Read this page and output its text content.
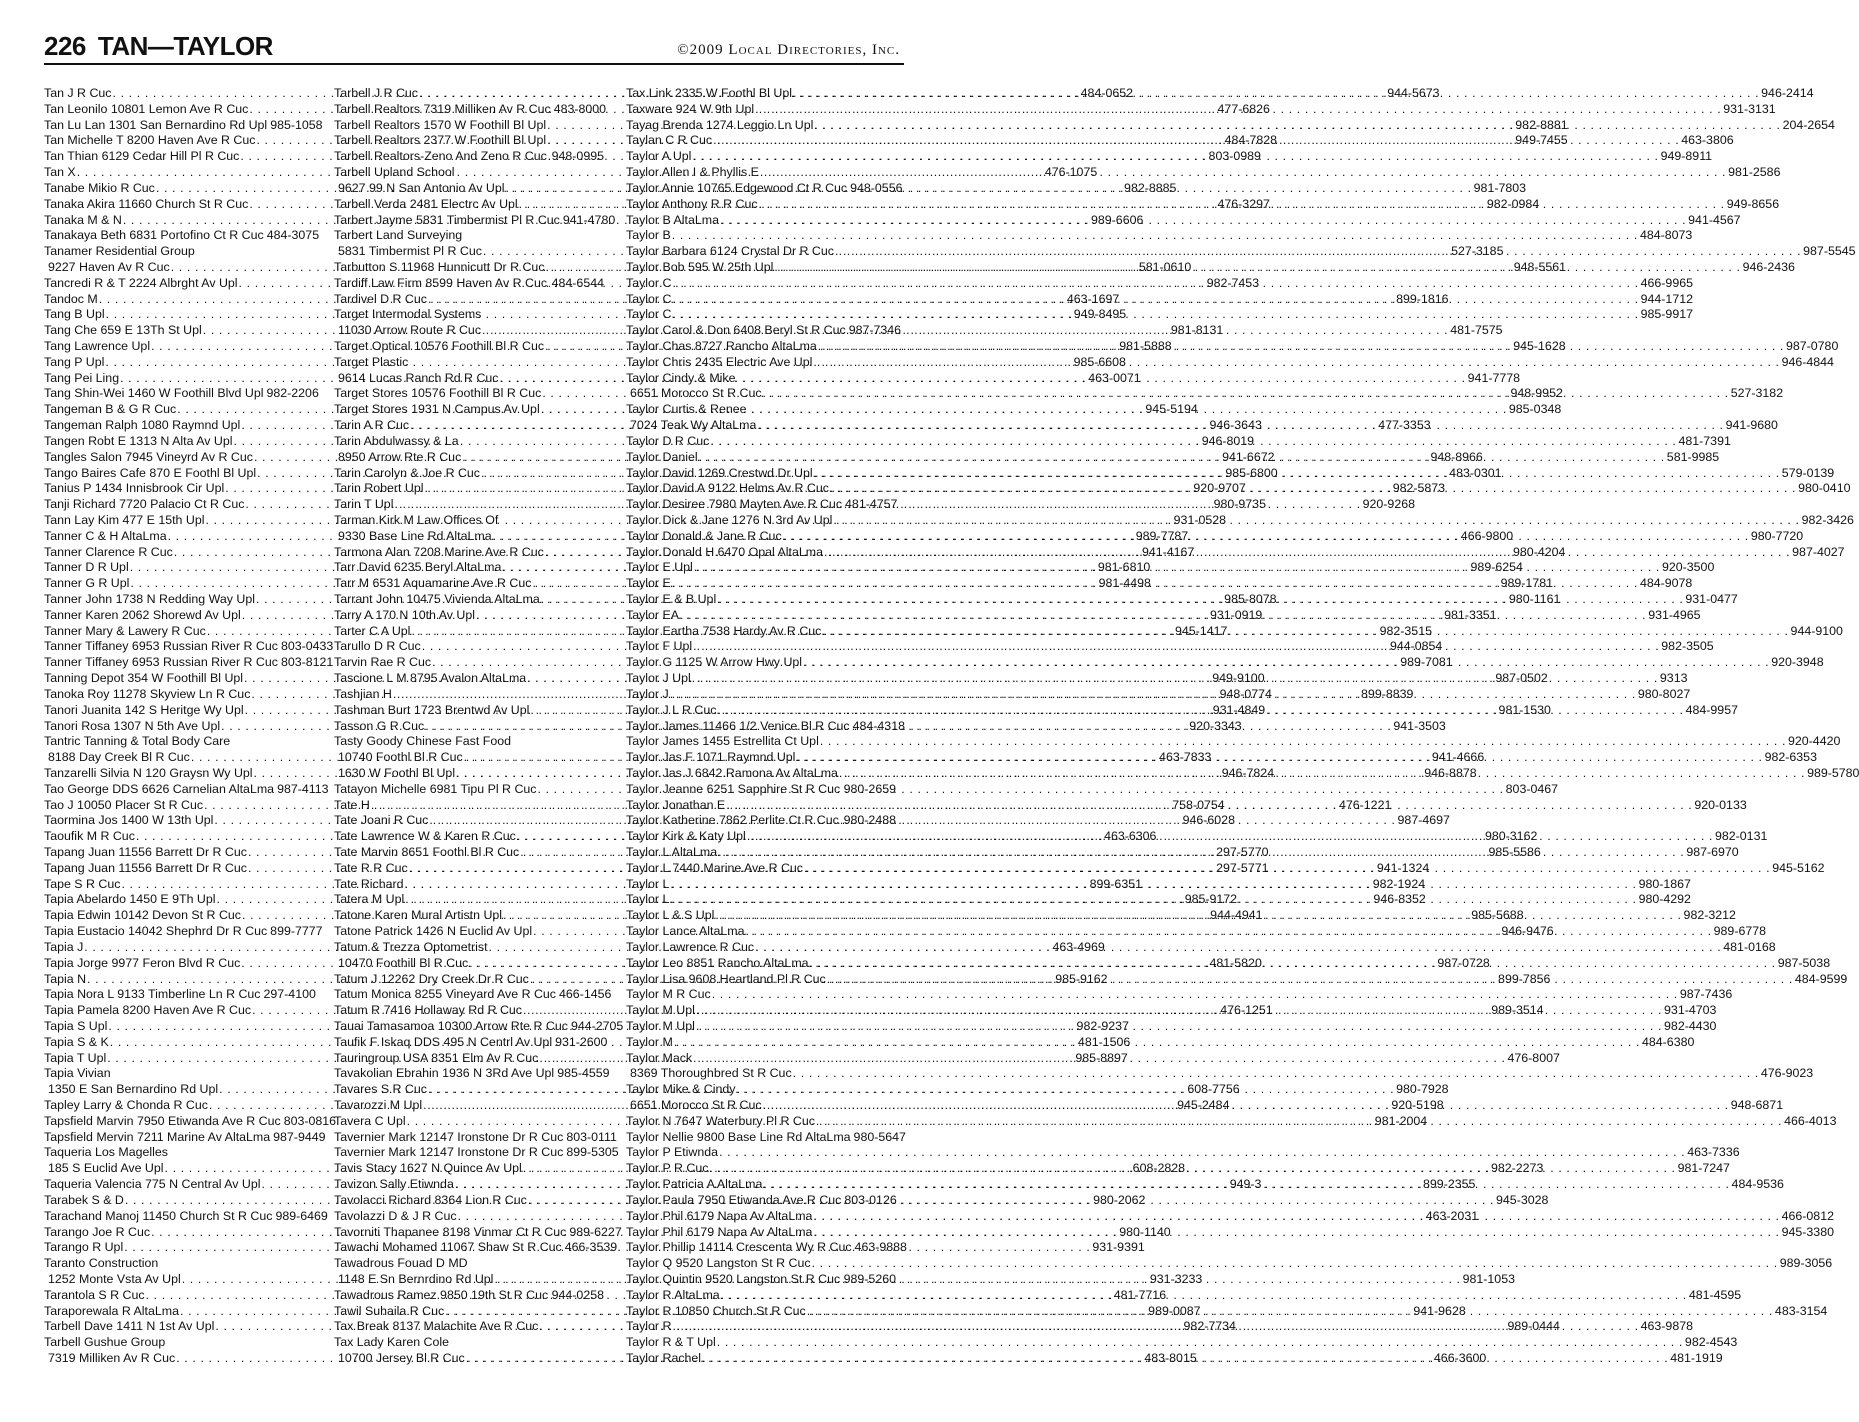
226 TAN—TAYLOR	©2009 Local Directories, Inc.
Tan J R Cuc . . .	484-0652
Tan Leonilo 10801 Lemon Ave R Cuc . . .	477-6826
Tan Lu Lan 1301 San Bernardino Rd Upl 985-1058
Tan Michelle T 8200 Haven Ave R Cuc . . .	484-7828
Tan Thian 6129 Cedar Hill Pl R Cuc . . .	803-0989
Tan X . . .	476-1075
Tanabe Mikio R Cuc . . .	982-8885
Tanaka Akira 11660 Church St R Cuc . . .	476-3297
Tanaka M & N . . .	989-6606
Tanakaya Beth 6831 Portofino Ct R Cuc 484-3075
Tanamer Residential Group
9227 Haven Av R Cuc . . .	581-0610
Tancredi R & T 2224 Albrght Av Upl . . .	982-7453
Tandoc M . . .	463-1697
Tang B Upl . . .	949-8495
Tang Che 659 E 13Th St Upl . . .	981-8131
Tang Lawrence Upl . . .	981-5888
Tang P Upl . . .	985-6608
Tang Pei Ling . . .	463-0071
Tang Shin-Wei 1460 W Foothill Blvd Upl 982-2206
Tangeman B & G R Cuc . . .	945-5194
Tangeman Ralph 1080 Raymnd Upl . . .	946-3643
Tangen Robt E 1313 N Alta Av Upl . . .	946-8019
Tangles Salon 7945 Vineyrd Av R Cuc . . .	941-6672
Tango Baires Cafe 870 E Foothl Bl Upl . . .	985-6800
Tanius P 1434 Innisbrook Cir Upl . . .	920-9707
Tanji Richard 7720 Palacio Ct R Cuc . . .	980-9735
Tann Lay Kim 477 E 15th Upl . . .	931-0528
Tanner C & H AltaLma . . .	989-7787
Tanner Clarence R Cuc . . .	941-4167
Tanner D R Upl . . .	981-6810
Tanner G R Upl . . .	981-4498
Tanner John 1738 N Redding Way Upl . . .	985-8078
Tanner Karen 2062 Shorewd Av Upl . . .	931-0919
Tanner Mary & Lawery R Cuc . . .	945-1417
Tanner Tiffaney 6953 Russian River R Cuc 803-0433
Tanner Tiffaney 6953 Russian River R Cuc 803-8121
Tanning Depot 354 W Foothill Bl Upl . . .	949-9100
Tanoka Roy 11278 Skyview Ln R Cuc . . .	948-0774
Tanori Juanita 142 S Heritge Wy Upl . . .	931-4849
Tanori Rosa 1307 N 5th Ave Upl . . .	920-3343
Tantric Tanning & Total Body Care
8188 Day Creek Bl R Cuc . . .	463-7833
Tanzarelli Silvia N 120 Graysn Wy Upl . . .	946-7824
Tao George DDS 6626 Carnelian AltaLma 987-4113
Tao J 10050 Placer St R Cuc . . .	758-0754
Taormina Jos 1400 W 13th Upl . . .	946-6028
Taoufik M R Cuc . . .	463-6306
Tapang Juan 11556 Barrett Dr R Cuc . . .	297-5770
Tapang Juan 11556 Barrett Dr R Cuc . . .	297-5771
Tape S R Cuc . . .	899-6351
Tapia Abelardo 1450 E 9Th Upl . . .	985-9172
Tapia Edwin 10142 Devon St R Cuc . . .	944-4941
Tapia Eustacio 14042 Shephrd Dr R Cuc 899-7777
Tapia J . . .	463-4969
Tapia Jorge 9977 Feron Blvd R Cuc . . .	481-5820
Tapia N . . .	985-9162
Tapia Nora L 9133 Timberline Ln R Cuc 297-4100
Tapia Pamela 8200 Haven Ave R Cuc . . .	476-1251
Tapia S Upl . . .	982-9237
Tapia S & K . . .	481-1506
Tapia T Upl . . .	985-8897
Tapia Vivian
1350 E San Bernardino Rd Upl . . .	608-7756
Tapley Larry & Chonda R Cuc . . .	945-2484
Tapsfield Marvin 7950 Etiwanda Ave R Cuc 803-0816
Tapsfield Mervin 7211 Marine Av AltaLma 987-9449
Taqueria Los Magelles
185 S Euclid Ave Upl . . .	608-2828
Taqueria Valencia 775 N Central Av Upl . . .	949-3
Tarabek S & D . . .	980-2062
Tarachand Manoj 11450 Church St R Cuc 989-6469
Tarango Joe R Cuc . . .	980-1140
Tarango R Upl . . .	931-9391
Taranto Construction
1252 Monte Vsta Av Upl . . .	931-3233
Tarantola S R Cuc . . .	481-7716
Taraporewala R AltaLma . . .	989-0087
Tarbell Dave 1411 N 1st Av Upl . . .	982-7734
Tarbell Gushue Group
7319 Milliken Av R Cuc . . .	483-8015
Tarbell J R Cuc . . .	944-5673
Tarbell Realtors 7319 Milliken Av R Cuc 483-8000
Tarbell Realtors 1570 W Foothill Bl Upl . . .	982-8881
Tarbell Realtors 2377 W Foothill Bl Upl . . .	949-7455
Tarbell Realtors-Zeno And Zeno R Cuc . . . 948-0995
Tarbell Upland School
9627 99 N San Antonio Av Upl . . .	981-7803
Tarbell Verda 2481 Electrc Av Upl . . .	982-0984
Tarbert Jayme 5831 Timbermist Pl R Cuc 941-4780
Tarbert Land Surveying
5831 Timbermist Pl R Cuc . . .	527-3185
Tarbutton S 11968 Hunnicutt Dr R Cuc . . .	948-5561
Tardiff Law Firm 8599 Haven Av R Cuc . . . 484-6544
Tardivel D R Cuc . . .	899-1816
Target Intermodal Systems
11030 Arrow Route R Cuc . . .	481-7575
Target Optical 10576 Foothill Bl R Cuc . . .	945-1628
Target Plastic
9614 Lucas Ranch Rd R Cuc . . .	941-7778
Target Stores 10576 Foothill Bl R Cuc . . .	948-9952
Target Stores 1931 N Campus Av Upl . . .	985-0348
Tarin A R Cuc . . .	477-3353
Tarin Abdulwassy & La
8950 Arrow Rte R Cuc . . .	948-8966
Tarin Carolyn & Joe R Cuc . . .	483-0301
Tarin Robert Upl . . .	982-5873
Tarin T Upl . . .	920-9268
Tarman Kirk M Law Offices Of
9330 Base Line Rd AltaLma . . .	466-9800
Tarmona Alan 7208 Marine Ave R Cuc . . .	980-4204
Tarr David 6235 Beryl AltaLma . . .	989-6254
Tarr M 6531 Aquamarine Ave R Cuc . . .	989-1781
Tarrant John 10475 Vivienda AltaLma . . .	980-1161
Tarry A 170 N 10th Av Upl . . .	981-3351
Tarter C A Upl . . .	982-3515
Tarullo D R Cuc . . .	944-0854
Tarvin Rae R Cuc . . .	989-7081
Tascione L M 8795 Avalon AltaLma . . .	987-0502
Tashjian H . . .	899-8839
Tashman Burt 1723 Brentwd Av Upl . . .	981-1530
Tasson G R Cuc . . .	941-3503
Tasty Goody Chinese Fast Food
10740 Foothl Bl R Cuc . . .	941-4666
1630 W Foothl Bl Upl . . .	946-8878
Tatayon Michelle 6981 Tipu Pl R Cuc . . .	803-0467
Tate H . . .	476-1221
Tate Joani R Cuc . . .	987-4697
Tate Lawrence W & Karen R Cuc . . .	980-3162
Tate Marvin 8651 Foothl Bl R Cuc . . .	985-5586
Tate R R Cuc . . .	941-1324
Tate Richard . . .	982-1924
Tatera M Upl . . .	946-8352
Tatone Karen Mural Artistn Upl . . .	985-5688
Tatone Patrick 1426 N Euclid Av Upl . . .	946-9476
Tatum & Trezza Optometrist
10470 Foothill Bl R Cuc . . .	987-0728
Tatum J 12262 Dry Creek Dr R Cuc . . .	899-7856
Tatum Monica 8255 Vineyard Ave R Cuc 466-1456
Tatum R 7416 Hollaway Rd R Cuc . . .	989-3514
Tauai Tamasamoa 10300 Arrow Rte R Cuc 944-2705
Taufik F Iskaq DDS 495 N Centrl Av Upl 931-2600
Tauringroup USA 8351 Elm Av R Cuc . . .	476-8007
Tavakolian Ebrahin 1936 N 3Rd Ave Upl 985-4559
Tavares S R Cuc . . .	980-7928
Tavarozzi M Upl . . .	920-5198
Tavera C Upl . . .	981-2004
Tavernier Mark 12147 Ironstone Dr R Cuc 803-0111
Tavernier Mark 12147 Ironstone Dr R Cuc 899-5305
Tavis Stacy 1627 N Quince Av Upl . . .	982-2273
Tavizon Sally Etiwnda . . .	899-2355
Tavolacci Richard 8364 Lion R Cuc . . .	945-3028
Tavolazzi D & J R Cuc . . .	463-2031
Tavorniti Thapanee 8198 Vinmar Ct R Cuc 989-6227
Tawachi Mohamed 11067 Shaw St R Cuc 466-3539
Tawadrous Fouad D MD
1148 E Sn Bernrdino Rd Upl . . .	981-1053
Tawadrous Ramez 9850 19th St R Cuc . . . 944-0258
Tawil Suhaila R Cuc . . .	941-9628
Tax Break 8137 Malachite Ave R Cuc . . .	989-0444
Tax Lady Karen Cole
10700 Jersey Bl R Cuc . . .	466-3600
Tax Link 2335 W Foothl Bl Upl . . .	946-2414
Taxware 924 W 9th Upl . . .	931-3131
Tayag Brenda 1274 Leggio Ln Upl . . .	204-2654
Taylan C R Cuc . . .	463-3806
Taylor A Upl . . .	949-8911
Taylor Allen I & Phyllis E . . .	981-2586
Taylor Annie 10765 Edgewood Ct R Cuc 948-0556
Taylor Anthony R R Cuc . . .	949-8656
Taylor B AltaLma . . .	941-4567
Taylor B . . .	484-8073
Taylor Barbara 6124 Crystal Dr R Cuc . . .	987-5545
Taylor Bob 595 W 25th Upl . . .	946-2436
Taylor C . . .	466-9965
Taylor C . . .	944-1712
Taylor C . . .	985-9917
Taylor Carol & Don 6408 Beryl St R Cuc 987-7346
Taylor Chas 8727 Rancho AltaLma . . .	987-0780
Taylor Chris 2435 Electric Ave Upl . . .	946-4844
Taylor Cindy & Mike
6651 Morocco St R Cuc . . .	527-3182
Taylor Curtis & Renee
7024 Teak Wy AltaLma . . .	941-9680
Taylor D R Cuc . . .	481-7391
Taylor Daniel . . .	581-9985
Taylor David 1269 Crestwd Dr Upl . . .	579-0139
Taylor David A 9122 Helms Av R Cuc . . .	980-0410
Taylor Desiree 7980 Mayten Ave R Cuc 481-4757
Taylor Dick & Jane 1276 N 3rd Av Upl . . .	982-3426
Taylor Donald & Jane R Cuc . . .	980-7720
Taylor Donald H 6470 Opal AltaLma . . .	987-4027
Taylor E Upl . . .	920-3500
Taylor E . . .	484-9078
Taylor E & B Upl . . .	931-0477
Taylor EA . . .	931-4965
Taylor Eartha 7538 Hardy Av R Cuc . . .	944-9100
Taylor F Upl . . .	982-3505
Taylor G 1125 W Arrow Hwy Upl . . .	920-3948
Taylor J Upl . . .	9313
Taylor J . . .	980-8027
Taylor J L R Cuc . . .	484-9957
Taylor James 11466 1/2 Venice Bl R Cuc 484-4318
Taylor James 1455 Estrellita Ct Upl . . .	920-4420
Taylor Jas F 1071 Raymnd Upl . . .	982-6353
Taylor Jas J 6842 Ramona Av AltaLma . . .	989-5780
Taylor Jeanne 6251 Sapphire St R Cuc . . . 980-2659
Taylor Jonathan E . . .	920-0133
Taylor Katherine 7862 Perlite Ct R Cuc . . . 980-2488
Taylor Kirk & Katy Upl . . .	982-0131
Taylor L AltaLma . . .	987-6970
Taylor L 7440 Marine Ave R Cuc . . .	945-5162
Taylor L . . .	980-1867
Taylor L . . .	980-4292
Taylor L & S Upl . . .	982-3212
Taylor Lance AltaLma . . .	989-6778
Taylor Lawrence R Cuc . . .	481-0168
Taylor Leo 8851 Rancho AltaLma . . .	987-5038
Taylor Lisa 9608 Heartland Pl R Cuc . . .	484-9599
Taylor M R Cuc . . .	987-7436
Taylor M Upl . . .	931-4703
Taylor M Upl . . .	982-4430
Taylor M . . .	484-6380
Taylor Mack
8369 Thoroughbred St R Cuc . . .	476-9023
Taylor Mike & Cindy
6651 Morocco St R Cuc . . .	948-6871
Taylor N 7647 Waterbury Pl R Cuc . . .	466-4013
Taylor Nellie 9800 Base Line Rd AltaLma 980-5647
Taylor P Etiwnda . . .	463-7336
Taylor P R Cuc . . .	981-7247
Taylor Patricia A AltaLma . . .	484-9536
Taylor Paula 7950 Etiwanda Ave R Cuc 803-0126
Taylor Phil 6179 Napa Av AltaLma . . .	466-0812
Taylor Phil 6179 Napa Av AltaLma . . .	945-3380
Taylor Phillip 14114 Crescenta Wy R Cuc 463-9888
Taylor Q 9520 Langston St R Cuc . . .	989-3056
Taylor Quintin 9520 Langston St R Cuc . . . 989-5260
Taylor R AltaLma . . .	481-4595
Taylor R 10850 Church St R Cuc . . .	483-3154
Taylor R . . .	463-9878
Taylor R & T Upl . . .	982-4543
Taylor Rachel . . .	481-1919
